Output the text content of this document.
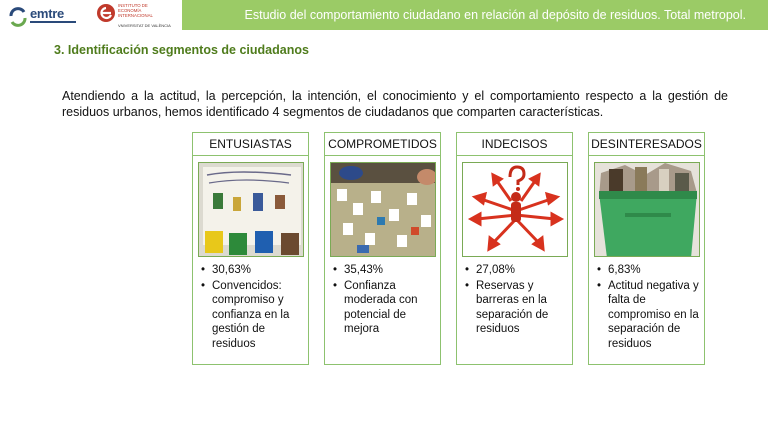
emtre
INSTITUTO DE ECONOMÍA INTERNACIONAL
VNIVERSITAT DE VALÈNCIA
Estudio del comportamiento ciudadano en relación al depósito de residuos. Total metropol.
3. Identificación segmentos de ciudadanos
Atendiendo a la actitud, la percepción, la intención, el conocimiento y el comportamiento respecto a la gestión de residuos urbanos, hemos identificado 4 segmentos de ciudadanos que comparten características.
ENTUSIASTAS
• 30,63%
• Convencidos: compromiso y confianza en la gestión de residuos
COMPROMETIDOS
• 35,43%
• Confianza moderada con potencial de mejora
INDECISOS
• 27,08%
• Reservas y barreras en la separación de residuos
DESINTERESADOS
• 6,83%
• Actitud negativa y falta de compromiso en la separación de residuos
